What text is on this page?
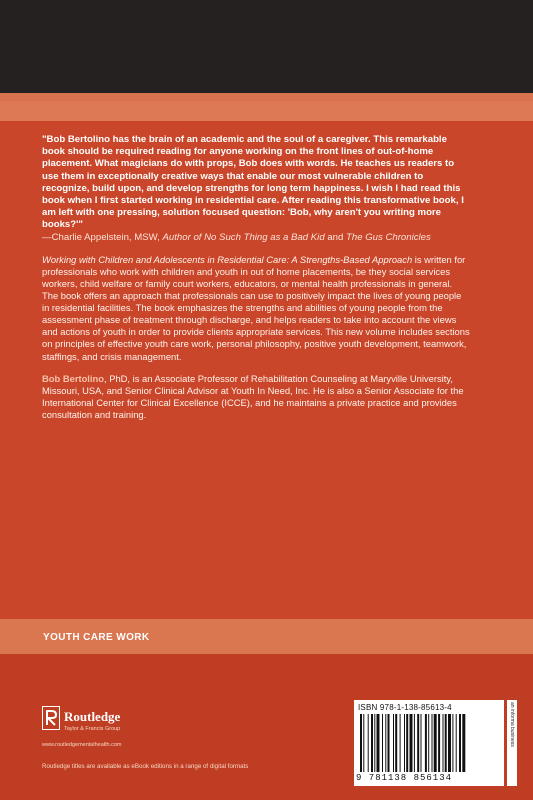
"Bob Bertolino has the brain of an academic and the soul of a caregiver. This remarkable book should be required reading for anyone working on the front lines of out-of-home placement. What magicians do with props, Bob does with words. He teaches us readers to use them in exceptionally creative ways that enable our most vulnerable children to recognize, build upon, and develop strengths for long term happiness. I wish I had read this book when I first started working in residential care. After reading this transformative book, I am left with one pressing, solution focused question: 'Bob, why aren't you writing more books?'"

—Charlie Appelstein, MSW, Author of No Such Thing as a Bad Kid and The Gus Chronicles

Working with Children and Adolescents in Residential Care: A Strengths-Based Approach is written for professionals who work with children and youth in out of home placements, be they social services workers, child welfare or family court workers, educators, or mental health professionals in general. The book offers an approach that professionals can use to positively impact the lives of young people in residential facilities. The book emphasizes the strengths and abilities of young people from the assessment phase of treatment through discharge, and helps readers to take into account the views and actions of youth in order to provide clients appropriate services. This new volume includes sections on principles of effective youth care work, personal philosophy, positive youth development, teamwork, staffings, and crisis management.

Bob Bertolino, PhD, is an Associate Professor of Rehabilitation Counseling at Maryville University, Missouri, USA, and Senior Clinical Advisor at Youth In Need, Inc. He is also a Senior Associate for the International Center for Clinical Excellence (ICCE), and he maintains a private practice and provides consultation and training.

YOUTH CARE WORK
Routledge
Taylor & Francis Group
www.routledgementalhealth.com
Routledge titles are available as eBook editions in a range of digital formats
ISBN 978-1-138-85613-4
9 781138 856134
an informa business
